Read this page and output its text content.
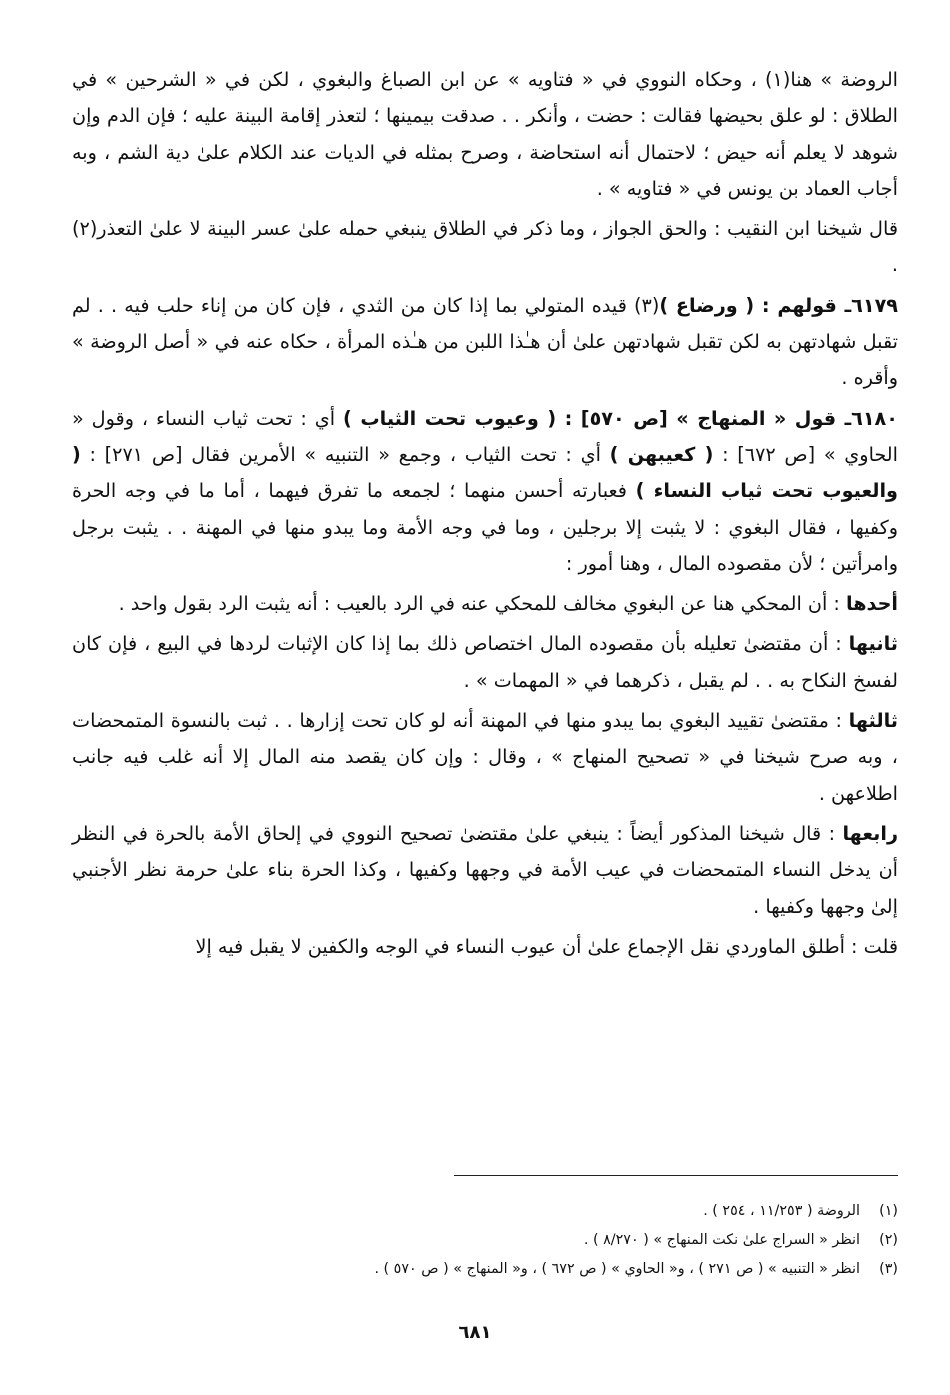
الروضة » هنا(١) ، وحكاه النووي في « فتاويه » عن ابن الصباغ والبغوي ، لكن في « الشرحين » في الطلاق : لو علق بحيضها فقالت : حضت ، وأنكر . . صدقت بيمينها ؛ لتعذر إقامة البينة عليه ؛ فإن الدم وإن شوهد لا يعلم أنه حيض ؛ لاحتمال أنه استحاضة ، وصرح بمثله في الديات عند الكلام علىٰ دية الشم ، وبه أجاب العماد بن يونس في « فتاويه » .

قال شيخنا ابن النقيب : والحق الجواز ، وما ذكر في الطلاق ينبغي حمله علىٰ عسر البينة لا علىٰ التعذر(٢) .

٦١٧٩ـ قولهم : ( ورضاع )(٣) قيده المتولي بما إذا كان من الثدي ، فإن كان من إناء حلب فيه . . لم تقبل شهادتهن به لكن تقبل شهادتهن علىٰ أن هـٰذا اللبن من هـٰذه المرأة ، حكاه عنه في « أصل الروضة » وأقره .

٦١٨٠ـ قول « المنهاج » [ص ٥٧٠] : ( وعيوب تحت الثياب ) أي : تحت ثياب النساء ، وقول « الحاوي » [ص ٦٧٢] : ( كعيبهن ) أي : تحت الثياب ، وجمع « التنبيه » الأمرين فقال [ص ٢٧١] : ( والعيوب تحت ثياب النساء ) فعبارته أحسن منهما ؛ لجمعه ما تفرق فيهما ، أما ما في وجه الحرة وكفيها ، فقال البغوي : لا يثبت إلا برجلين ، وما في وجه الأمة وما يبدو منها في المهنة . . يثبت برجل وامرأتين ؛ لأن مقصوده المال ، وهنا أمور :

أحدها : أن المحكي هنا عن البغوي مخالف للمحكي عنه في الرد بالعيب : أنه يثبت الرد بقول واحد .

ثانيها : أن مقتضىٰ تعليله بأن مقصوده المال اختصاص ذلك بما إذا كان الإثبات لردها في البيع ، فإن كان لفسخ النكاح به . . لم يقبل ، ذكرهما في « المهمات » .

ثالثها : مقتضىٰ تقييد البغوي بما يبدو منها في المهنة أنه لو كان تحت إزارها . . ثبت بالنسوة المتمحضات ، وبه صرح شيخنا في « تصحيح المنهاج » ، وقال : وإن كان يقصد منه المال إلا أنه غلب فيه جانب اطلاعهن .

رابعها : قال شيخنا المذكور أيضاً : ينبغي علىٰ مقتضىٰ تصحيح النووي في إلحاق الأمة بالحرة في النظر أن يدخل النساء المتمحضات في عيب الأمة في وجهها وكفيها ، وكذا الحرة بناء علىٰ حرمة نظر الأجنبي إلىٰ وجهها وكفيها .

قلت : أطلق الماوردي نقل الإجماع علىٰ أن عيوب النساء في الوجه والكفين لا يقبل فيه إلا

(١)الروضة ( ١١/٢٥٣ ، ٢٥٤ ) .

(٢)انظر « السراج علىٰ نكت المنهاج » ( ٨/٢٧٠ ) .

(٣)انظر « التنبيه » ( ص ٢٧١ ) ، و« الحاوي » ( ص ٦٧٢ ) ، و« المنهاج » ( ص ٥٧٠ ) .

٦٨١
